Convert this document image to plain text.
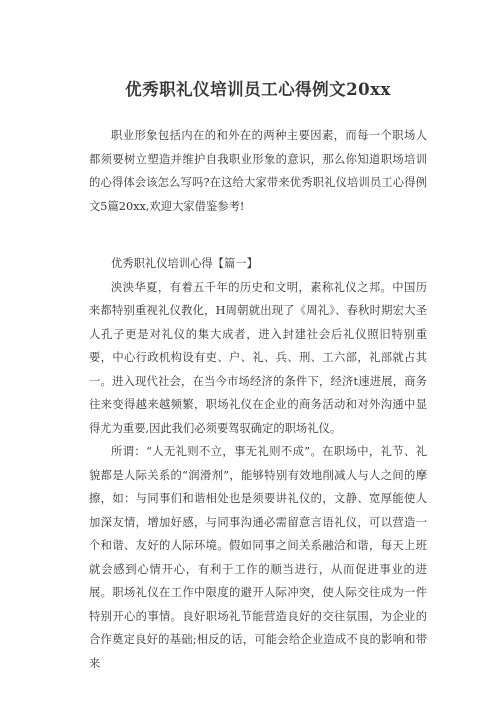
优秀职礼仪培训员工心得例文20xx

职业形象包括内在的和外在的两种主要因素，而每一个职场人都须要树立塑造并维护自我职业形象的意识，那么你知道职场培训的心得体会该怎么写吗?在这给大家带来优秀职礼仪培训员工心得例文5篇20xx,欢迎大家借鉴参考!

优秀职礼仪培训心得【篇一】

泱泱华夏，有着五千年的历史和文明，素称礼仪之邦。中国历来都特别重视礼仪教化，H周朝就出现了《周礼》、春秋时期宏大圣人孔子更是对礼仪的集大成者，进入封建社会后礼仪照旧特别重要，中心行政机构设有吏、户、礼、兵、刑、工六部，礼部就占其一。进入现代社会，在当今市场经济的条件下，经济t速进展，商务往来变得越来越频繁，职场礼仪在企业的商务活动和对外沟通中显得尤为重要,因此我们必须要驾驭确定的职场礼仪。

所谓：“人无礼则不立，事无礼则不成”。在职场中，礼节、礼貌都是人际关系的“润滑剂”，能够特别有效地削减人与人之间的摩擦，如：与同事们和谐相处也是须要讲礼仪的，文静、宽厚能使人加深友情，增加好感，与同事沟通必需留意言语礼仪，可以营造一个和谐、友好的人际环境。假如同事之间关系融洽和谐，每天上班就会感到心情开心，有利于工作的顺当进行，从而促进事业的进展。职场礼仪在工作中限度的避开人际冲突，使人际交往成为一件特别开心的事情。良好职场礼节能营造良好的交往氛围，为企业的合作奠定良好的基础;相反的话，可能会给企业造成不良的影响和带来
